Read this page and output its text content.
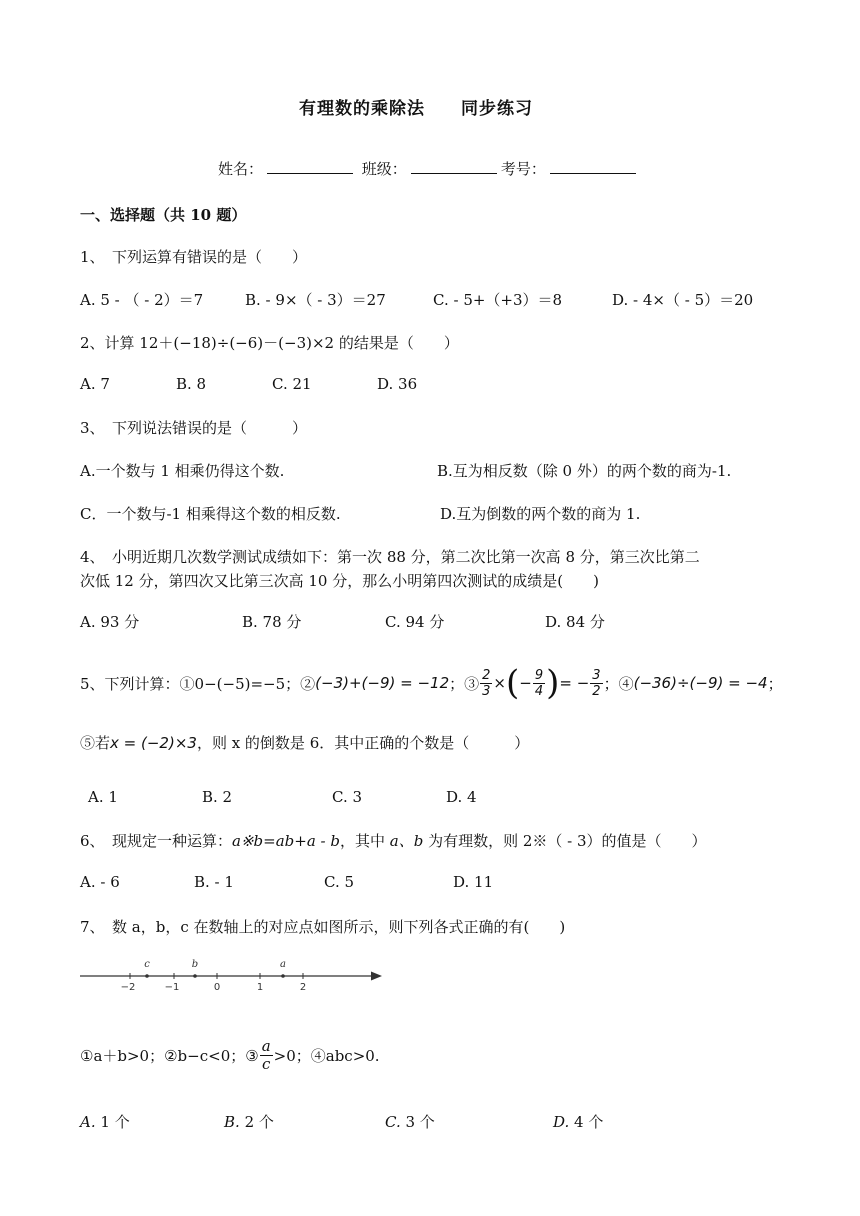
有理数的乘除法　　同步练习
姓名：	班级：	考号：
一、选择题（共 10 题）
1、　下列运算有错误的是（　　）
A. 5 - （ - 2）＝7	B. - 9×（ - 3）＝27	C. - 5+（+3）＝8	D. - 4×（ - 5）＝20
2、计算 12＋(−18)÷(−6)－(−3)×2 的结果是（　　）
A. 7	B. 8	C. 21	D. 36
3、　下列说法错误的是（　　　）
A.一个数与 1 相乘仍得这个数.	B.互为相反数（除 0 外）的两个数的商为-1.
C．一个数与-1 相乘得这个数的相反数.	D.互为倒数的两个数的商为 1.
4、　小明近期几次数学测试成绩如下：第一次 88 分，第二次比第一次高 8 分，第三次比第二
次低 12 分，第四次又比第三次高 10 分，那么小明第四次测试的成绩是(　　)
A. 93 分	B. 78 分	C. 94 分	D. 84 分
5、下列计算：①0−(−5)=−5；② (−3)+(−9) = −12 ；③ $\frac{2}{3}$ × ( − $\frac{9}{4}$ ) = − $\frac{3}{2}$ ；④ (−36)÷(−9) = −4 ；
⑤若x = (−2)×3，则 x 的倒数是 6．其中正确的个数是（　　　）
A. 1	B. 2	C. 3	D. 4
6、　现规定一种运算：a※b=ab+a - b，其中 a、b 为有理数，则 2※（ - 3）的值是（　　）
A. - 6	B. - 1	C. 5	D. 11
7、　数 a，b，c 在数轴上的对应点如图所示，则下列各式正确的有(　　)
−2	−1	0	1	2
c	b	a
①a＋b>0；②b−c<0；③ $\frac{a}{c} >0$；④abc>0.
A. 1 个	B. 2 个	C. 3 个	D. 4 个
